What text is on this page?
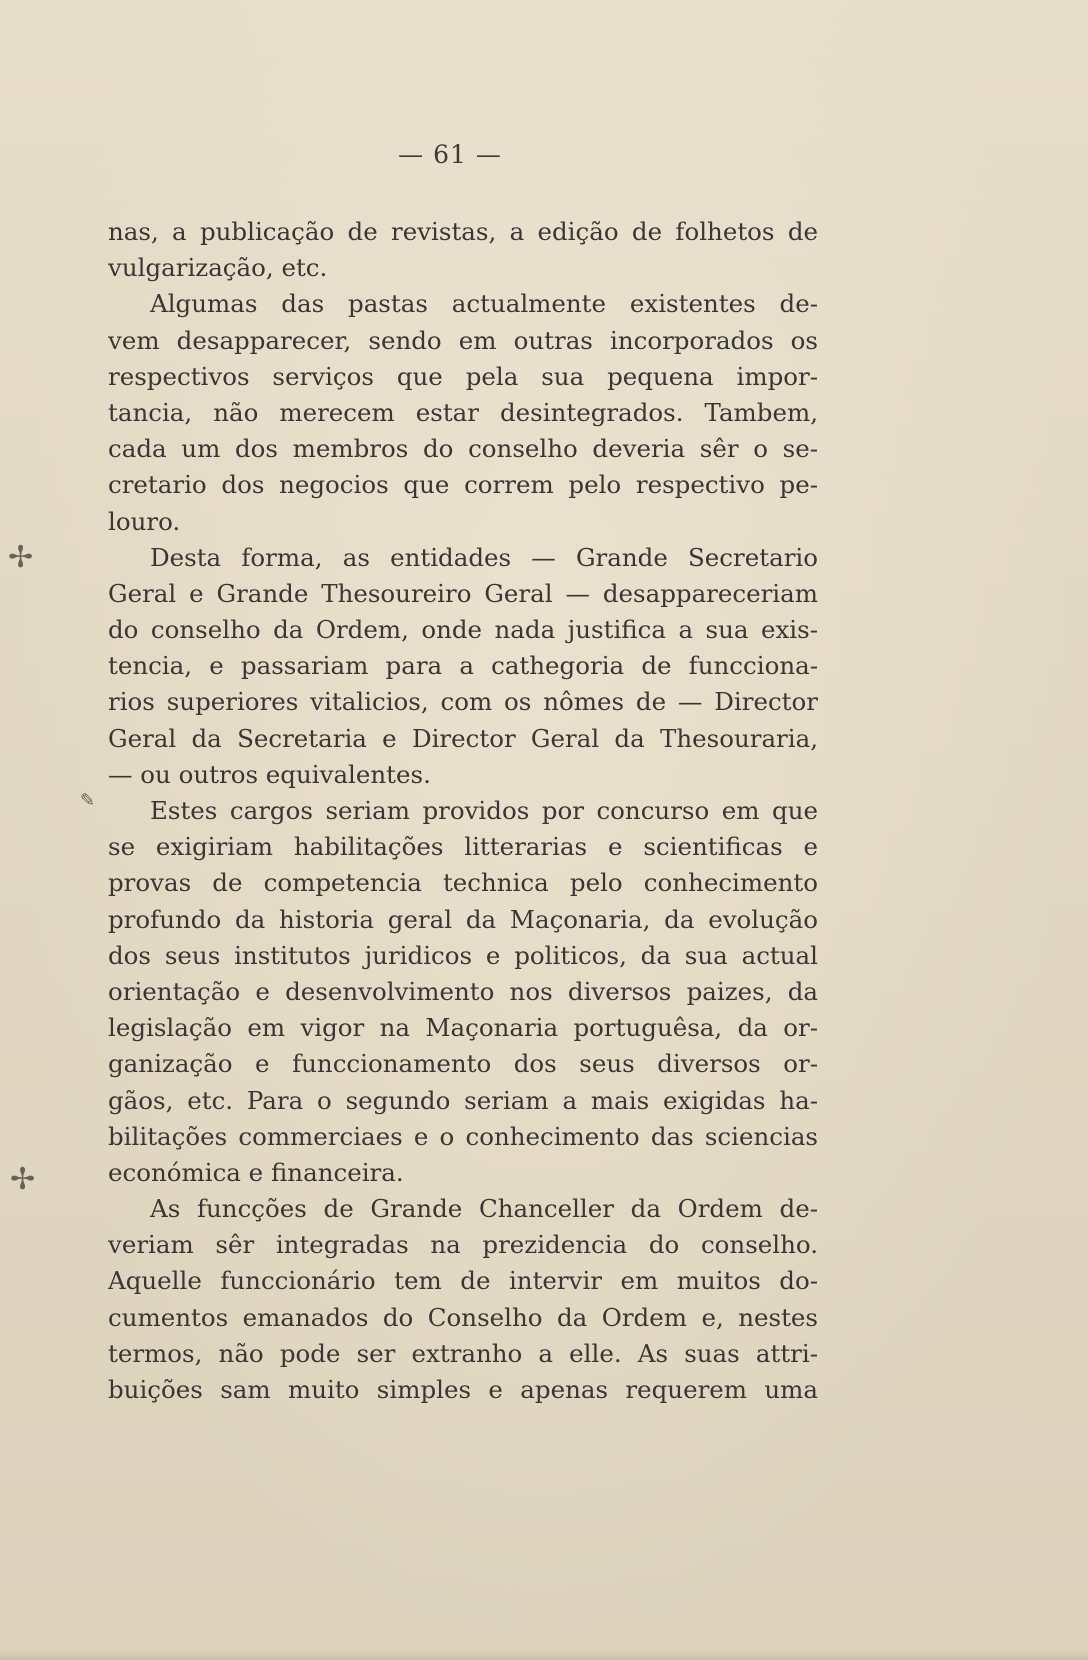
— 61 —
✢
✎
✢
nas, a publicação de revistas, a edição de folhetos de
vulgarização, etc.
Algumas das pastas actualmente existentes de-
vem desapparecer, sendo em outras incorporados os
respectivos serviços que pela sua pequena impor-
tancia, não merecem estar desintegrados. Tambem,
cada um dos membros do conselho deveria sêr o se-
cretario dos negocios que correm pelo respectivo pe-
louro.
Desta forma, as entidades — Grande Secretario
Geral e Grande Thesoureiro Geral — desappareceriam
do conselho da Ordem, onde nada justifica a sua exis-
tencia, e passariam para a cathegoria de funcciona-
rios superiores vitalicios, com os nômes de — Director
Geral da Secretaria e Director Geral da Thesouraria,
— ou outros equivalentes.
Estes cargos seriam providos por concurso em que
se exigiriam habilitações litterarias e scientificas e
provas de competencia technica pelo conhecimento
profundo da historia geral da Maçonaria, da evolução
dos seus institutos juridicos e politicos, da sua actual
orientação e desenvolvimento nos diversos paizes, da
legislação em vigor na Maçonaria portuguêsa, da or-
ganização e funccionamento dos seus diversos or-
gãos, etc. Para o segundo seriam a mais exigidas ha-
bilitações commerciaes e o conhecimento das sciencias
económica e financeira.
As funcções de Grande Chanceller da Ordem de-
veriam sêr integradas na prezidencia do conselho.
Aquelle funccionário tem de intervir em muitos do-
cumentos emanados do Conselho da Ordem e, nestes
termos, não pode ser extranho a elle. As suas attri-
buições sam muito simples e apenas requerem uma
